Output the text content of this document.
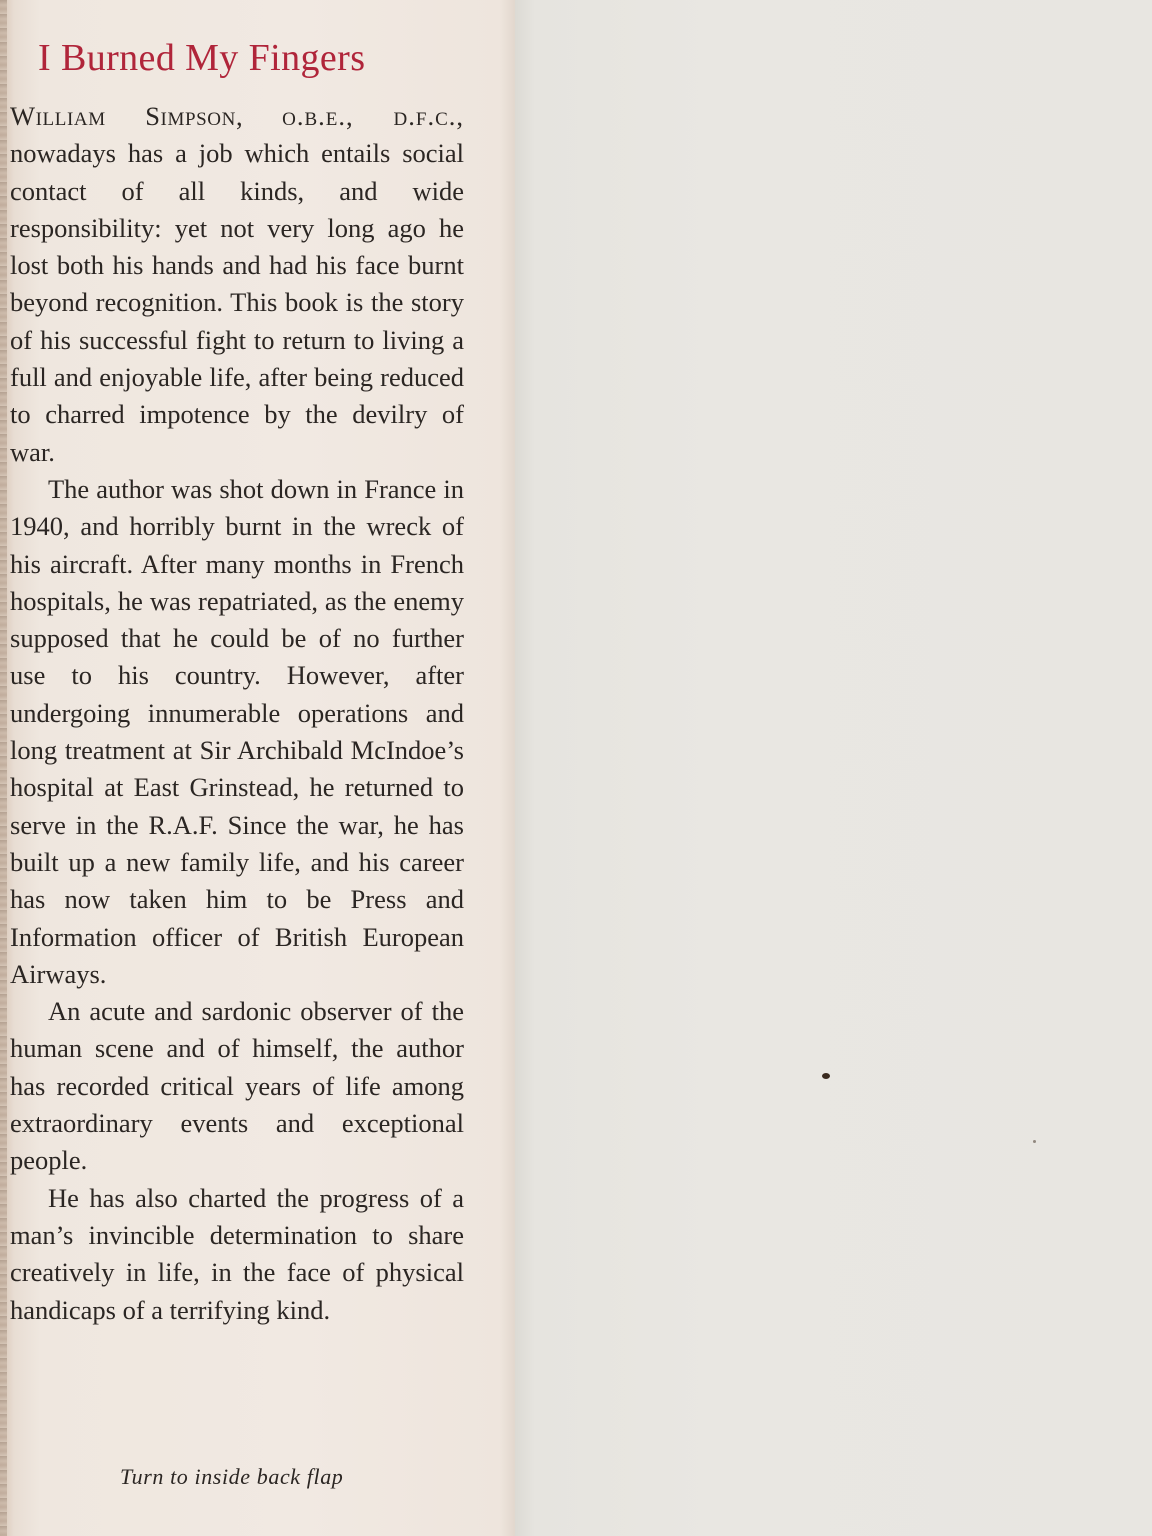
I Burned My Fingers

William Simpson, o.b.e., d.f.c., nowadays has a job which entails social contact of all kinds, and wide responsibility: yet not very long ago he lost both his hands and had his face burnt beyond recognition. This book is the story of his successful fight to return to living a full and enjoyable life, after being reduced to charred impotence by the devilry of war.

The author was shot down in France in 1940, and horribly burnt in the wreck of his aircraft. After many months in French hospitals, he was repatriated, as the enemy supposed that he could be of no further use to his country. However, after undergoing innumerable operations and long treatment at Sir Archibald McIndoe’s hospital at East Grinstead, he returned to serve in the R.A.F. Since the war, he has built up a new family life, and his career has now taken him to be Press and Information officer of British European Airways.

An acute and sardonic observer of the human scene and of himself, the author has recorded critical years of life among extraordinary events and exceptional people.

He has also charted the progress of a man’s invincible determination to share creatively in life, in the face of physical handicaps of a terrifying kind.

Turn to inside back flap
